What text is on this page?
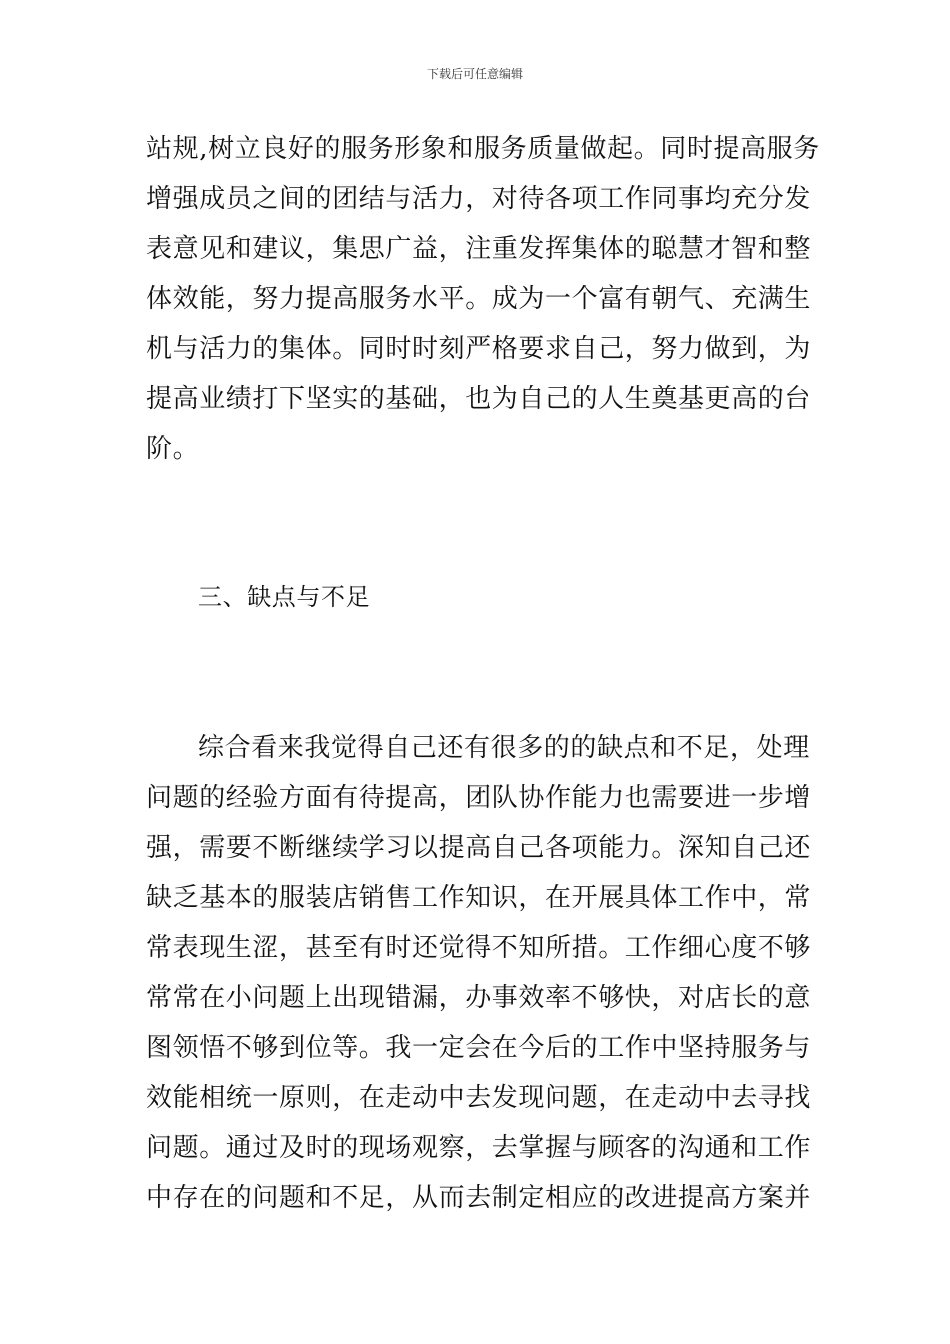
下载后可任意编辑
站规,树立良好的服务形象和服务质量做起。同时提高服务
增强成员之间的团结与活力，对待各项工作同事均充分发
表意见和建议，集思广益，注重发挥集体的聪慧才智和整
体效能，努力提高服务水平。成为一个富有朝气、充满生
机与活力的集体。同时时刻严格要求自己，努力做到，为
提高业绩打下坚实的基础，也为自己的人生奠基更高的台
阶。
三、缺点与不足
综合看来我觉得自己还有很多的的缺点和不足，处理
问题的经验方面有待提高，团队协作能力也需要进一步增
强，需要不断继续学习以提高自己各项能力。深知自己还
缺乏基本的服装店销售工作知识，在开展具体工作中，常
常表现生涩，甚至有时还觉得不知所措。工作细心度不够
常常在小问题上出现错漏，办事效率不够快，对店长的意
图领悟不够到位等。我一定会在今后的工作中坚持服务与
效能相统一原则，在走动中去发现问题，在走动中去寻找
问题。通过及时的现场观察，去掌握与顾客的沟通和工作
中存在的问题和不足，从而去制定相应的改进提高方案并
